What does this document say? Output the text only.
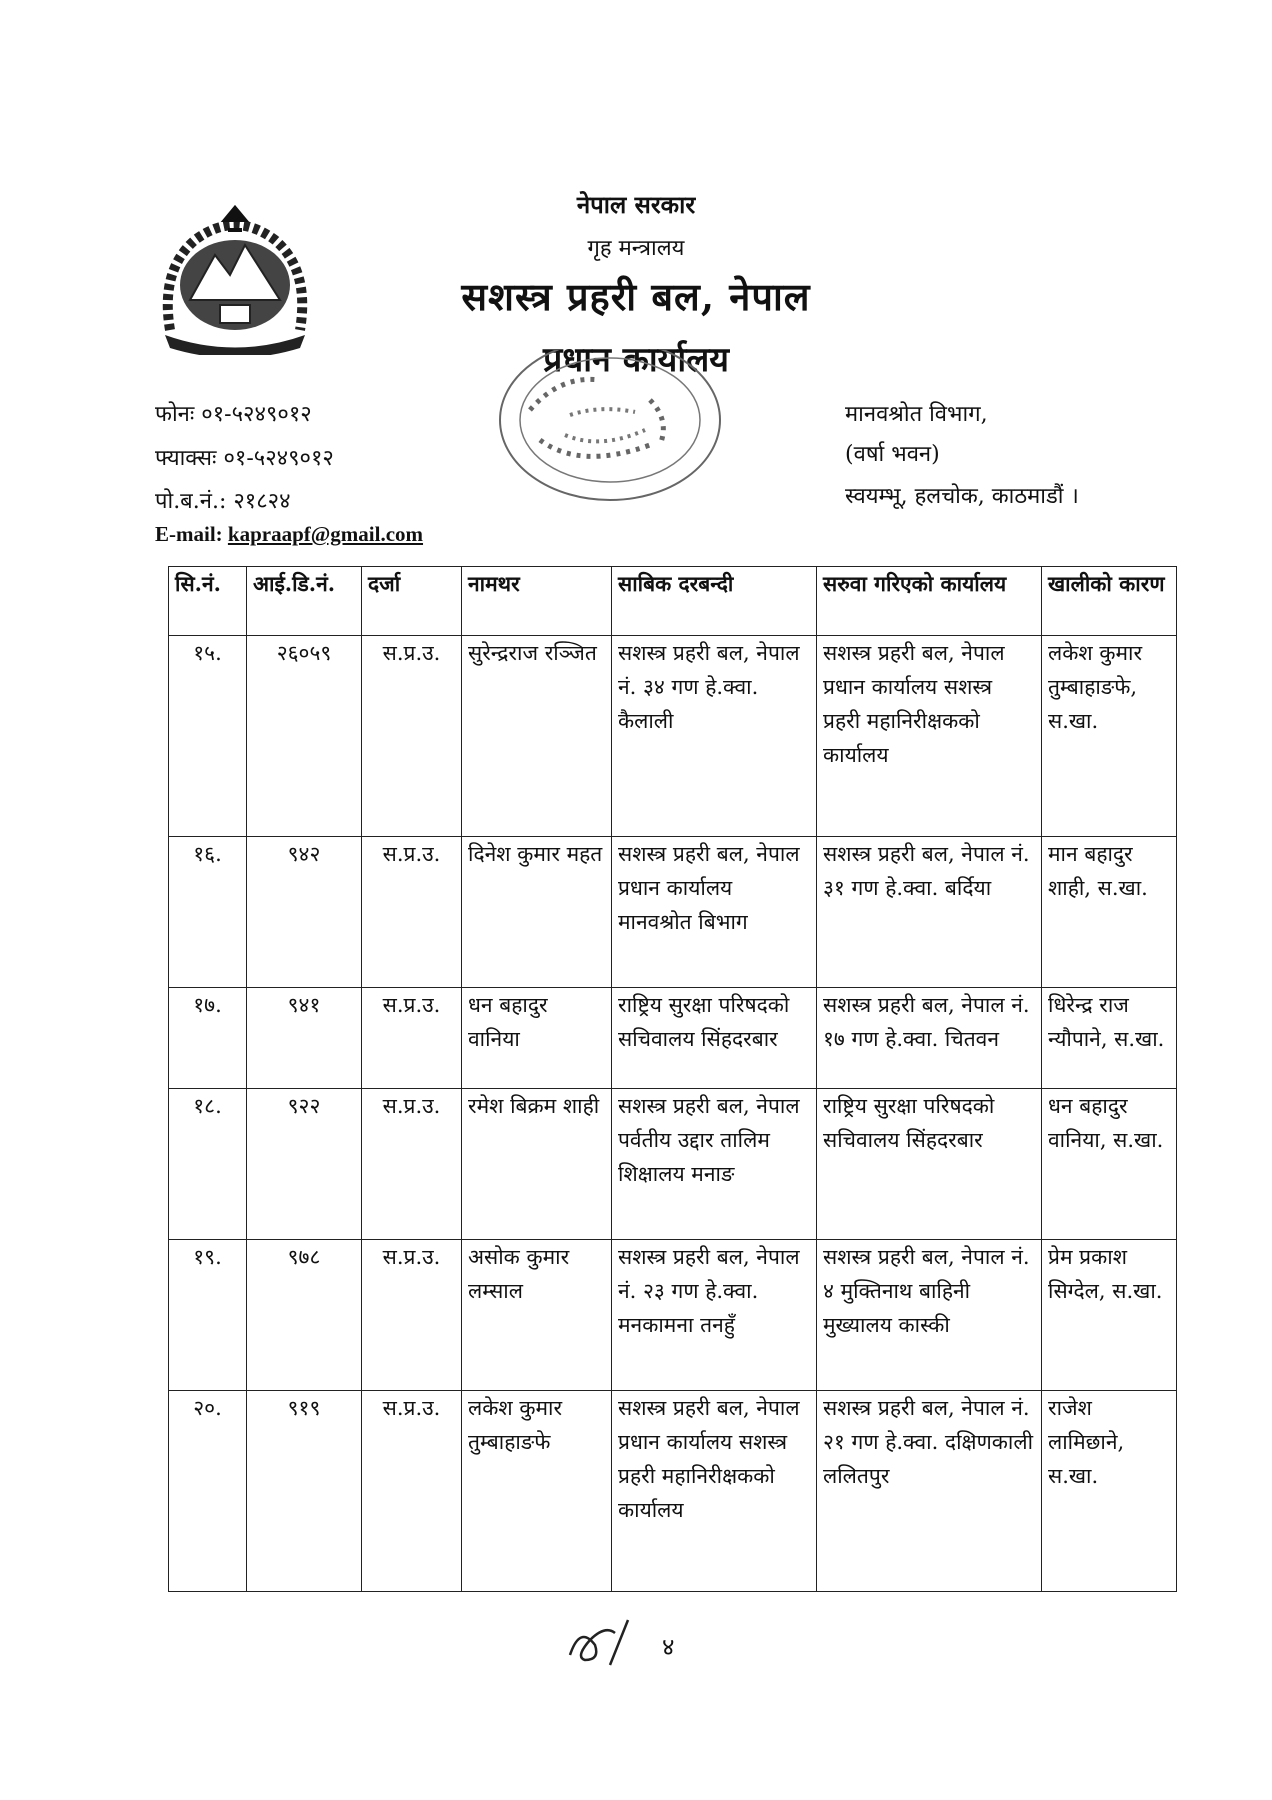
नेपाल सरकार
गृह मन्त्रालय
सशस्त्र प्रहरी बल, नेपाल
प्रधान कार्यालय
फोनः ०१-५२४९०१२
फ्याक्सः ०१-५२४९०१२
पो.ब.नं.: २१८२४
E-mail: kapraapf@gmail.com
मानवश्रोत विभाग,
(वर्षा भवन)
स्वयम्भू, हलचोक, काठमाडौं ।
सि.नं.	आई.डि.नं.	दर्जा	नामथर	साबिक दरबन्दी	सरुवा गरिएको कार्यालय	खालीको कारण
१५.	२६०५९	स.प्र.उ.	सुरेन्द्रराज रञ्जित	सशस्त्र प्रहरी बल, नेपाल नं. ३४ गण हे.क्वा. कैलाली	सशस्त्र प्रहरी बल, नेपाल प्रधान कार्यालय सशस्त्र प्रहरी महानिरीक्षकको कार्यालय	लकेश कुमार तुम्बाहाङफे, स.खा.
१६.	९४२	स.प्र.उ.	दिनेश कुमार महत	सशस्त्र प्रहरी बल, नेपाल प्रधान कार्यालय मानवश्रोत बिभाग	सशस्त्र प्रहरी बल, नेपाल नं. ३१ गण हे.क्वा. बर्दिया	मान बहादुर शाही, स.खा.
१७.	९४१	स.प्र.उ.	धन बहादुर वानिया	राष्ट्रिय सुरक्षा परिषदको सचिवालय सिंहदरबार	सशस्त्र प्रहरी बल, नेपाल नं. १७ गण हे.क्वा. चितवन	धिरेन्द्र राज न्यौपाने, स.खा.
१८.	९२२	स.प्र.उ.	रमेश बिक्रम शाही	सशस्त्र प्रहरी बल, नेपाल पर्वतीय उद्दार तालिम शिक्षालय मनाङ	राष्ट्रिय सुरक्षा परिषदको सचिवालय सिंहदरबार	धन बहादुर वानिया, स.खा.
१९.	९७८	स.प्र.उ.	असोक कुमार लम्साल	सशस्त्र प्रहरी बल, नेपाल नं. २३ गण हे.क्वा. मनकामना तनहुँ	सशस्त्र प्रहरी बल, नेपाल नं. ४ मुक्तिनाथ बाहिनी मुख्यालय कास्की	प्रेम प्रकाश सिग्देल, स.खा.
२०.	९१९	स.प्र.उ.	लकेश कुमार तुम्बाहाङफे	सशस्त्र प्रहरी बल, नेपाल प्रधान कार्यालय सशस्त्र प्रहरी महानिरीक्षकको कार्यालय	सशस्त्र प्रहरी बल, नेपाल नं. २१ गण हे.क्वा. दक्षिणकाली ललितपुर	राजेश लामिछाने, स.खा.
४
